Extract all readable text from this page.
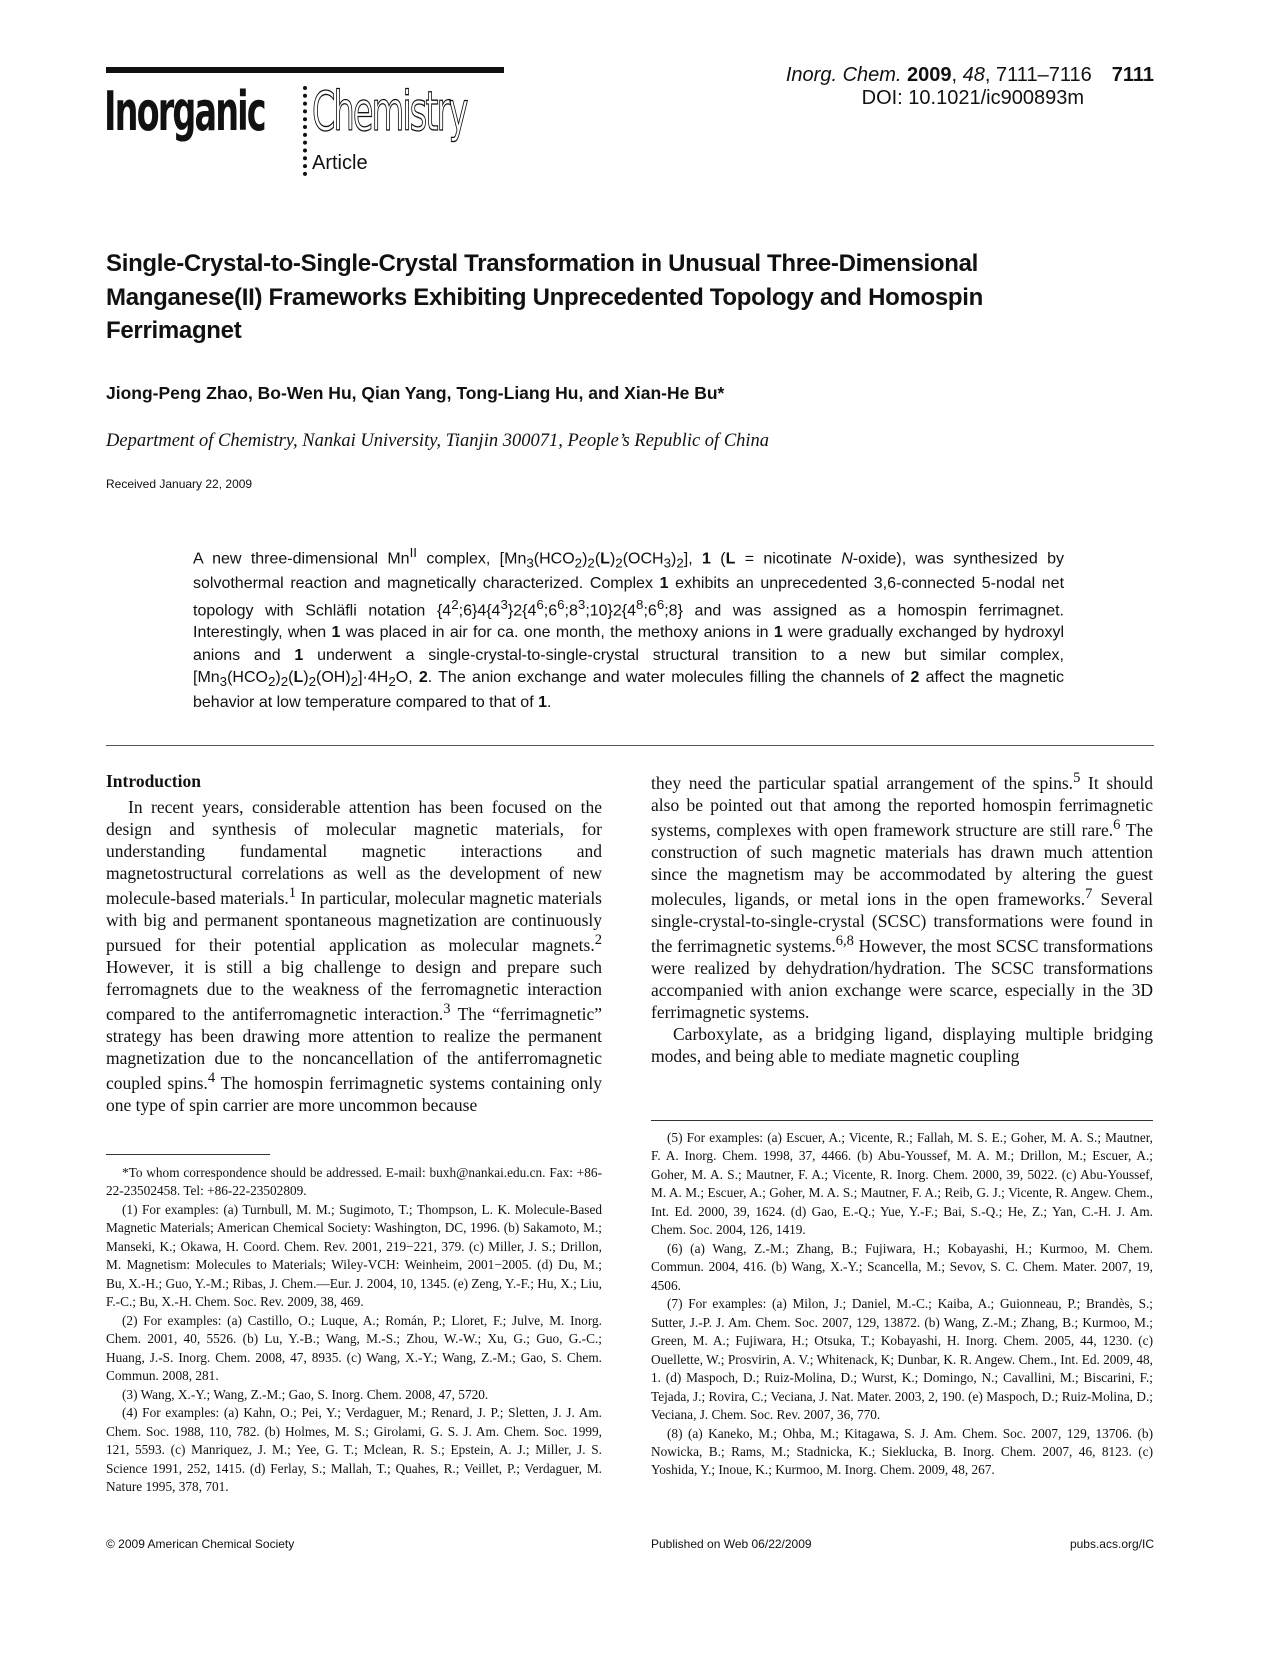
Inorganic Chemistry
Article
Inorg. Chem. 2009, 48, 7111–7116 7111
DOI: 10.1021/ic900893m
Single-Crystal-to-Single-Crystal Transformation in Unusual Three-Dimensional Manganese(II) Frameworks Exhibiting Unprecedented Topology and Homospin Ferrimagnet
Jiong-Peng Zhao, Bo-Wen Hu, Qian Yang, Tong-Liang Hu, and Xian-He Bu*
Department of Chemistry, Nankai University, Tianjin 300071, People’s Republic of China
Received January 22, 2009
A new three-dimensional $Mn^{II}$ complex, $[Mn_3(HCO_2)_2(L)_2(OCH_3)_2]$, 1 (L = nicotinate N-oxide), was synthesized by solvothermal reaction and magnetically characterized. Complex 1 exhibits an unprecedented 3,6-connected 5-nodal net topology with Schläfli notation $\{4^2;6\}4\{4^3\}2\{4^6;6^6;8^3;10\}2\{4^8;6^6;8\}$ and was assigned as a homospin ferrimagnet. Interestingly, when 1 was placed in air for ca. one month, the methoxy anions in 1 were gradually exchanged by hydroxyl anions and 1 underwent a single-crystal-to-single-crystal structural transition to a new but similar complex, $[Mn_3(HCO_2)_2(L)_2(OH)_2]\cdot 4H_2O$, 2. The anion exchange and water molecules filling the channels of 2 affect the magnetic behavior at low temperature compared to that of 1.
Introduction

In recent years, considerable attention has been focused on the design and synthesis of molecular magnetic materials, for understanding fundamental magnetic interactions and magnetostructural correlations as well as the development of new molecule-based materials.$^1$ In particular, molecular magnetic materials with big and permanent spontaneous magnetization are continuously pursued for their potential application as molecular magnets.$^2$ However, it is still a big challenge to design and prepare such ferromagnets due to the weakness of the ferromagnetic interaction compared to the antiferromagnetic interaction.$^3$ The “ferrimagnetic” strategy has been drawing more attention to realize the permanent magnetization due to the noncancellation of the antiferromagnetic coupled spins.$^4$ The homospin ferrimagnetic systems containing only one type of spin carrier are more uncommon because

they need the particular spatial arrangement of the spins.$^5$ It should also be pointed out that among the reported homospin ferrimagnetic systems, complexes with open framework structure are still rare.$^6$ The construction of such magnetic materials has drawn much attention since the magnetism may be accommodated by altering the guest molecules, ligands, or metal ions in the open frameworks.$^7$ Several single-crystal-to-single-crystal (SCSC) transformations were found in the ferrimagnetic systems.$^{6,8}$ However, the most SCSC transformations were realized by dehydration/hydration. The SCSC transformations accompanied with anion exchange were scarce, especially in the 3D ferrimagnetic systems.

Carboxylate, as a bridging ligand, displaying multiple bridging modes, and being able to mediate magnetic coupling

*To whom correspondence should be addressed. E-mail: buxh@nankai.edu.cn. Fax: +86-22-23502458. Tel: +86-22-23502809.

(1) For examples: (a) Turnbull, M. M.; Sugimoto, T.; Thompson, L. K. Molecule-Based Magnetic Materials; American Chemical Society: Washington, DC, 1996. (b) Sakamoto, M.; Manseki, K.; Okawa, H. Coord. Chem. Rev. 2001, 219−221, 379. (c) Miller, J. S.; Drillon, M. Magnetism: Molecules to Materials; Wiley-VCH: Weinheim, 2001−2005. (d) Du, M.; Bu, X.-H.; Guo, Y.-M.; Ribas, J. Chem.—Eur. J. 2004, 10, 1345. (e) Zeng, Y.-F.; Hu, X.; Liu, F.-C.; Bu, X.-H. Chem. Soc. Rev. 2009, 38, 469.

(2) For examples: (a) Castillo, O.; Luque, A.; Román, P.; Lloret, F.; Julve, M. Inorg. Chem. 2001, 40, 5526. (b) Lu, Y.-B.; Wang, M.-S.; Zhou, W.-W.; Xu, G.; Guo, G.-C.; Huang, J.-S. Inorg. Chem. 2008, 47, 8935. (c) Wang, X.-Y.; Wang, Z.-M.; Gao, S. Chem. Commun. 2008, 281.

(3) Wang, X.-Y.; Wang, Z.-M.; Gao, S. Inorg. Chem. 2008, 47, 5720.

(4) For examples: (a) Kahn, O.; Pei, Y.; Verdaguer, M.; Renard, J. P.; Sletten, J. J. Am. Chem. Soc. 1988, 110, 782. (b) Holmes, M. S.; Girolami, G. S. J. Am. Chem. Soc. 1999, 121, 5593. (c) Manriquez, J. M.; Yee, G. T.; Mclean, R. S.; Epstein, A. J.; Miller, J. S. Science 1991, 252, 1415. (d) Ferlay, S.; Mallah, T.; Quahes, R.; Veillet, P.; Verdaguer, M. Nature 1995, 378, 701.

(5) For examples: (a) Escuer, A.; Vicente, R.; Fallah, M. S. E.; Goher, M. A. S.; Mautner, F. A. Inorg. Chem. 1998, 37, 4466. (b) Abu-Youssef, M. A. M.; Drillon, M.; Escuer, A.; Goher, M. A. S.; Mautner, F. A.; Vicente, R. Inorg. Chem. 2000, 39, 5022. (c) Abu-Youssef, M. A. M.; Escuer, A.; Goher, M. A. S.; Mautner, F. A.; Reib, G. J.; Vicente, R. Angew. Chem., Int. Ed. 2000, 39, 1624. (d) Gao, E.-Q.; Yue, Y.-F.; Bai, S.-Q.; He, Z.; Yan, C.-H. J. Am. Chem. Soc. 2004, 126, 1419.

(6) (a) Wang, Z.-M.; Zhang, B.; Fujiwara, H.; Kobayashi, H.; Kurmoo, M. Chem. Commun. 2004, 416. (b) Wang, X.-Y.; Scancella, M.; Sevov, S. C. Chem. Mater. 2007, 19, 4506.

(7) For examples: (a) Milon, J.; Daniel, M.-C.; Kaiba, A.; Guionneau, P.; Brandès, S.; Sutter, J.-P. J. Am. Chem. Soc. 2007, 129, 13872. (b) Wang, Z.-M.; Zhang, B.; Kurmoo, M.; Green, M. A.; Fujiwara, H.; Otsuka, T.; Kobayashi, H. Inorg. Chem. 2005, 44, 1230. (c) Ouellette, W.; Prosvirin, A. V.; Whitenack, K; Dunbar, K. R. Angew. Chem., Int. Ed. 2009, 48, 1. (d) Maspoch, D.; Ruiz-Molina, D.; Wurst, K.; Domingo, N.; Cavallini, M.; Biscarini, F.; Tejada, J.; Rovira, C.; Veciana, J. Nat. Mater. 2003, 2, 190. (e) Maspoch, D.; Ruiz-Molina, D.; Veciana, J. Chem. Soc. Rev. 2007, 36, 770.

(8) (a) Kaneko, M.; Ohba, M.; Kitagawa, S. J. Am. Chem. Soc. 2007, 129, 13706. (b) Nowicka, B.; Rams, M.; Stadnicka, K.; Sieklucka, B. Inorg. Chem. 2007, 46, 8123. (c) Yoshida, Y.; Inoue, K.; Kurmoo, M. Inorg. Chem. 2009, 48, 267.

© 2009 American Chemical Society	Published on Web 06/22/2009	pubs.acs.org/IC
